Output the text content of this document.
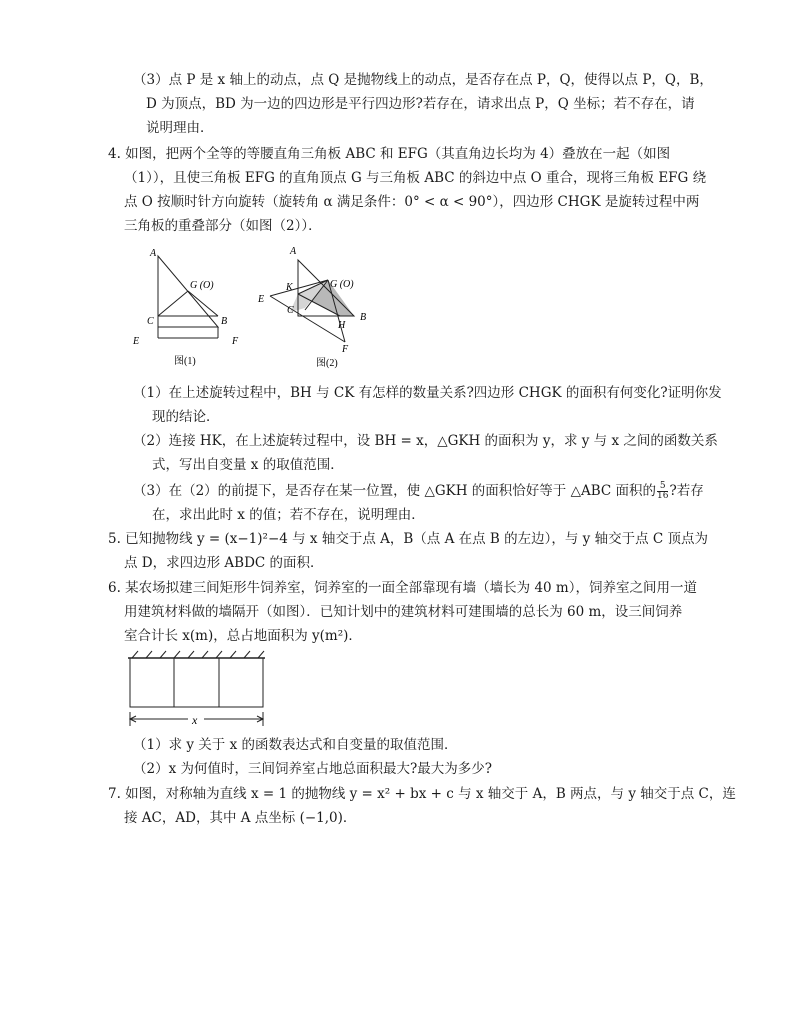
（3）点 P 是 x 轴上的动点，点 Q 是抛物线上的动点，是否存在点 P，Q，使得以点 P，Q，B，
D 为顶点，BD 为一边的四边形是平行四边形?若存在，请求出点 P，Q 坐标；若不存在，请
说明理由．
4. 如图，把两个全等的等腰直角三角板 ABC 和 EFG（其直角边长均为 4）叠放在一起（如图
（1）），且使三角板 EFG 的直角顶点 G 与三角板 ABC 的斜边中点 O 重合，现将三角板 EFG 绕
点 O 按顺时针方向旋转（旋转角 α 满足条件：0° < α < 90°），四边形 CHGK 是旋转过程中两
三角板的重叠部分（如图（2））．
A
G (O)
C	B
E	F
图(1)
A
K	G (O)
E
C
B
H
F
图(2)
（1）在上述旋转过程中，BH 与 CK 有怎样的数量关系?四边形 CHGK 的面积有何变化?证明你发
现的结论．
（2）连接 HK，在上述旋转过程中，设 BH = x，△GKH 的面积为 y，求 y 与 x 之间的函数关系
式，写出自变量 x 的取值范围．
（3）在（2）的前提下，是否存在某一位置，使 △GKH 的面积恰好等于 △ABC 面积的 $\frac{5}{16}$ ?若存
在，求出此时 x 的值；若不存在，说明理由．
5. 已知抛物线 y = (x−1)²−4 与 x 轴交于点 A，B（点 A 在点 B 的左边），与 y 轴交于点 C 顶点为
点 D，求四边形 ABDC 的面积．
6. 某农场拟建三间矩形牛饲养室，饲养室的一面全部靠现有墙（墙长为 40 m），饲养室之间用一道
用建筑材料做的墙隔开（如图）．已知计划中的建筑材料可建围墙的总长为 60 m，设三间饲养
室合计长 x(m)，总占地面积为 y(m²)．
x
（1）求 y 关于 x 的函数表达式和自变量的取值范围．
（2）x 为何值时，三间饲养室占地总面积最大?最大为多少?
7. 如图，对称轴为直线 x = 1 的抛物线 y = x² + bx + c 与 x 轴交于 A，B 两点，与 y 轴交于点 C，连
接 AC，AD，其中 A 点坐标 (−1,0)．
